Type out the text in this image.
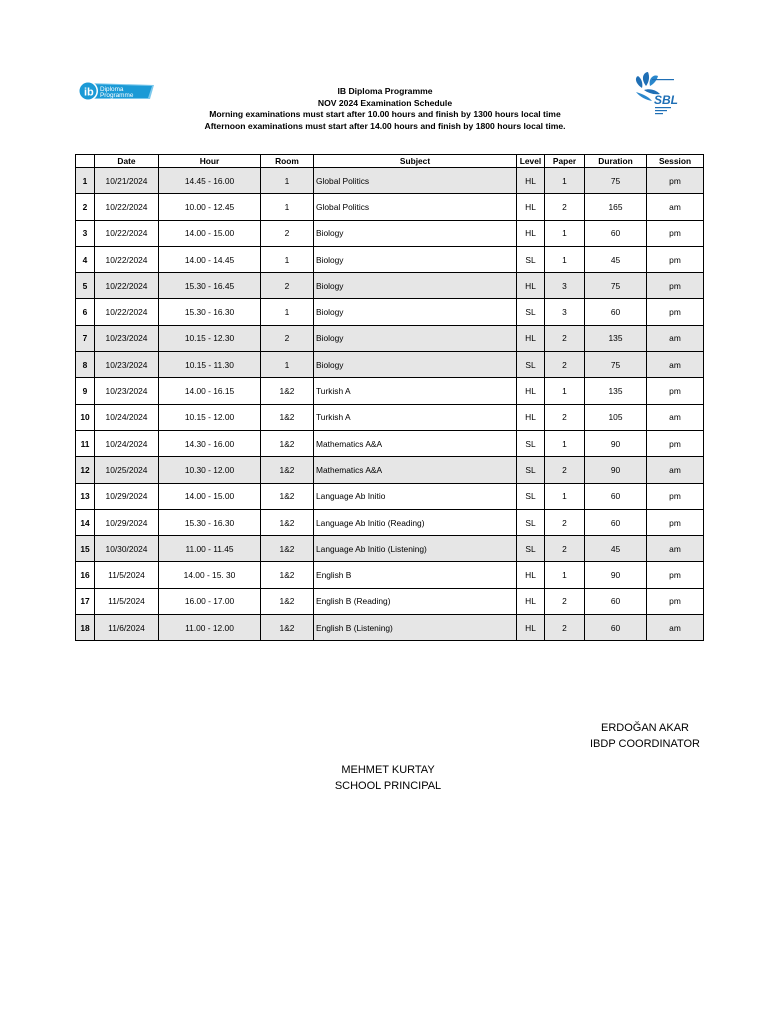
ib Diploma
Programme	SBL
IB Diploma Programme
NOV 2024 Examination Schedule
Morning examinations must start after 10.00 hours and finish by 1300 hours local time
Afternoon examinations must start after 14.00 hours and finish by 1800 hours local time.
	Date	Hour	Room	Subject	Level	Paper	Duration	Session
1	10/21/2024	14.45 - 16.00	1	Global Politics	HL	1	75	pm
2	10/22/2024	10.00 - 12.45	1	Global Politics	HL	2	165	am
3	10/22/2024	14.00 - 15.00	2	Biology	HL	1	60	pm
4	10/22/2024	14.00 - 14.45	1	Biology	SL	1	45	pm
5	10/22/2024	15.30 - 16.45	2	Biology	HL	3	75	pm
6	10/22/2024	15.30 - 16.30	1	Biology	SL	3	60	pm
7	10/23/2024	10.15 - 12.30	2	Biology	HL	2	135	am
8	10/23/2024	10.15 - 11.30	1	Biology	SL	2	75	am
9	10/23/2024	14.00 - 16.15	1&2	Turkish A	HL	1	135	pm
10	10/24/2024	10.15 - 12.00	1&2	Turkish A	HL	2	105	am
11	10/24/2024	14.30 - 16.00	1&2	Mathematics A&A	SL	1	90	pm
12	10/25/2024	10.30 - 12.00	1&2	Mathematics A&A	SL	2	90	am
13	10/29/2024	14.00 - 15.00	1&2	Language Ab Initio	SL	1	60	pm
14	10/29/2024	15.30 - 16.30	1&2	Language Ab Initio (Reading)	SL	2	60	pm
15	10/30/2024	11.00 - 11.45	1&2	Language Ab Initio (Listening)	SL	2	45	am
16	11/5/2024	14.00 - 15. 30	1&2	English B	HL	1	90	pm
17	11/5/2024	16.00 - 17.00	1&2	English B (Reading)	HL	2	60	pm
18	11/6/2024	11.00 - 12.00	1&2	English B (Listening)	HL	2	60	am
ERDOĞAN AKAR
IBDP COORDINATOR
MEHMET KURTAY
SCHOOL PRINCIPAL
